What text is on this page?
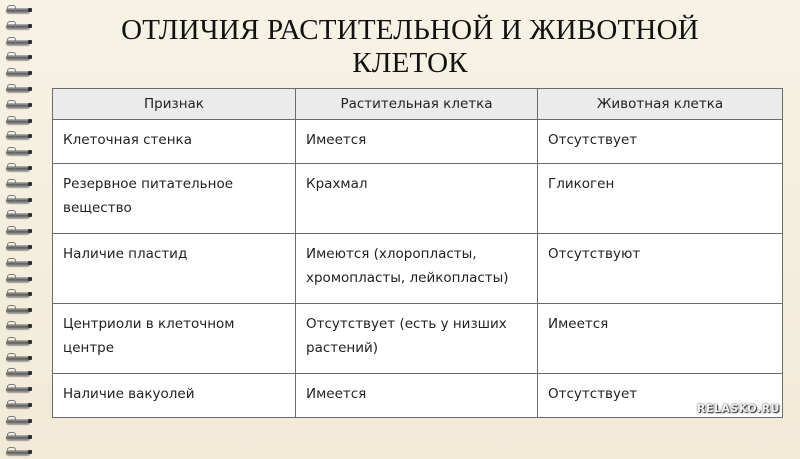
ОТЛИЧИЯ РАСТИТЕЛЬНОЙ И ЖИВОТНОЙ
КЛЕТОК
Признак	Растительная клетка	Животная клетка
Клеточная стенка	Имеется	Отсутствует
Резервное питательное вещество	Крахмал	Гликоген
Наличие пластид	Имеются (хлоропласты, хромопласты, лейкопласты)	Отсутствуют
Центриоли в клеточном центре	Отсутствует (есть у низших растений)	Имеется
Наличие вакуолей	Имеется	Отсутствует
RELASKO.RU
